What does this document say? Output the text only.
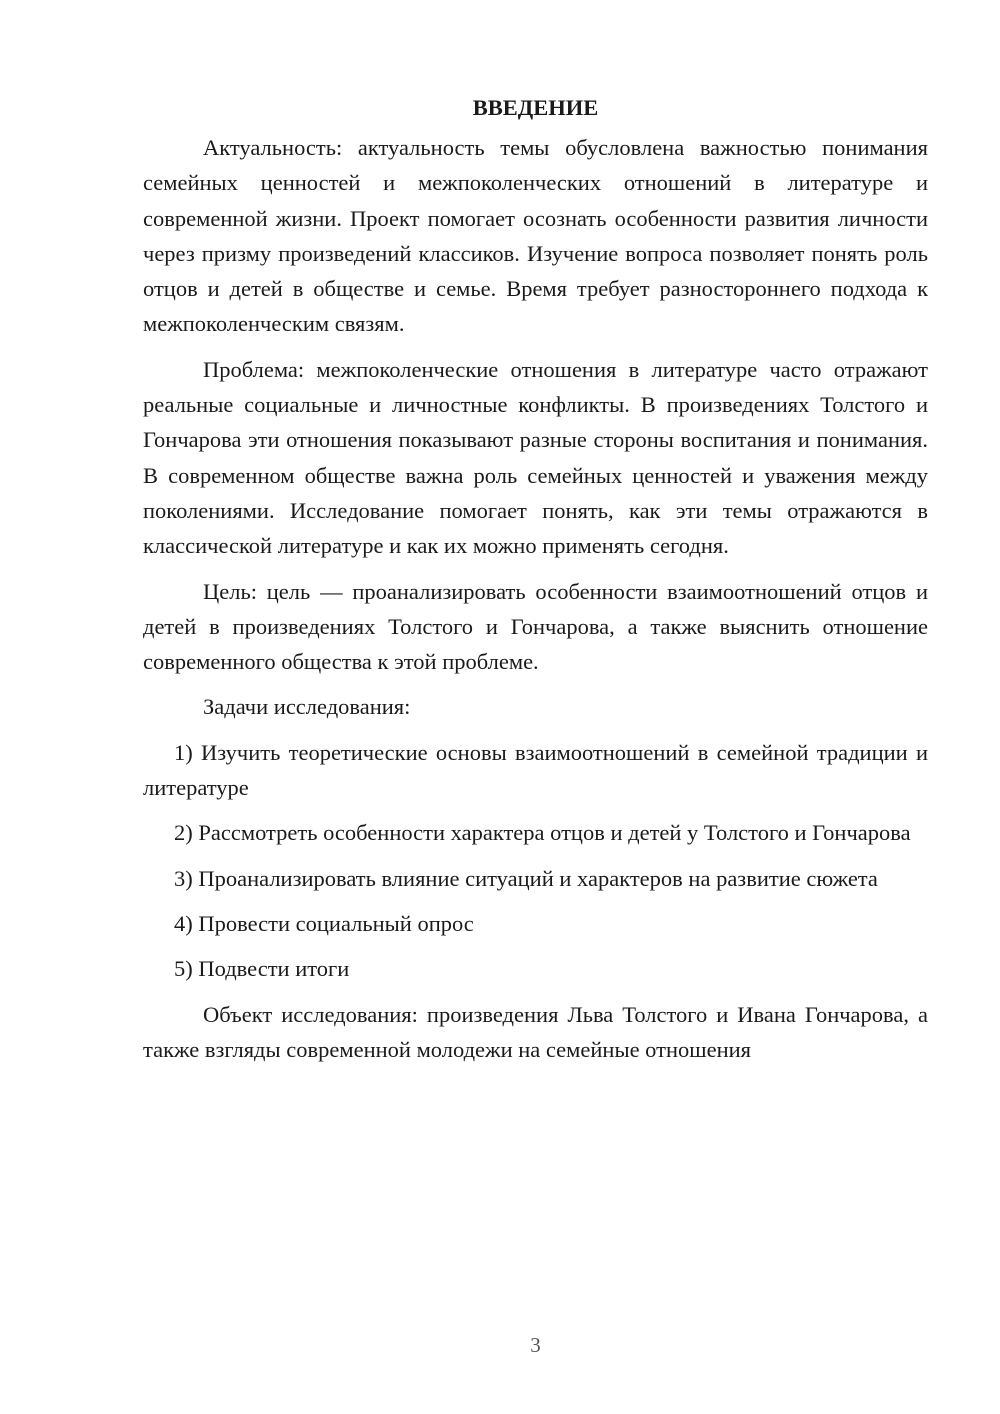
ВВЕДЕНИЕ

Актуальность: актуальность темы обусловлена важностью понимания семейных ценностей и межпоколенческих отношений в литературе и современной жизни. Проект помогает осознать особенности развития личности через призму произведений классиков. Изучение вопроса позволяет понять роль отцов и детей в обществе и семье. Время требует разностороннего подхода к межпоколенческим связям.

Проблема: межпоколенческие отношения в литературе часто отражают реальные социальные и личностные конфликты. В произведениях Толстого и Гончарова эти отношения показывают разные стороны воспитания и понимания. В современном обществе важна роль семейных ценностей и уважения между поколениями. Исследование помогает понять, как эти темы отражаются в классической литературе и как их можно применять сегодня.

Цель: цель — проанализировать особенности взаимоотношений отцов и детей в произведениях Толстого и Гончарова, а также выяснить отношение современного общества к этой проблеме.

Задачи исследования:

1) Изучить теоретические основы взаимоотношений в семейной традиции и литературе

2) Рассмотреть особенности характера отцов и детей у Толстого и Гончарова

3) Проанализировать влияние ситуаций и характеров на развитие сюжета

4) Провести социальный опрос

5) Подвести итоги

Объект исследования: произведения Льва Толстого и Ивана Гончарова, а также взгляды современной молодежи на семейные отношения

3
